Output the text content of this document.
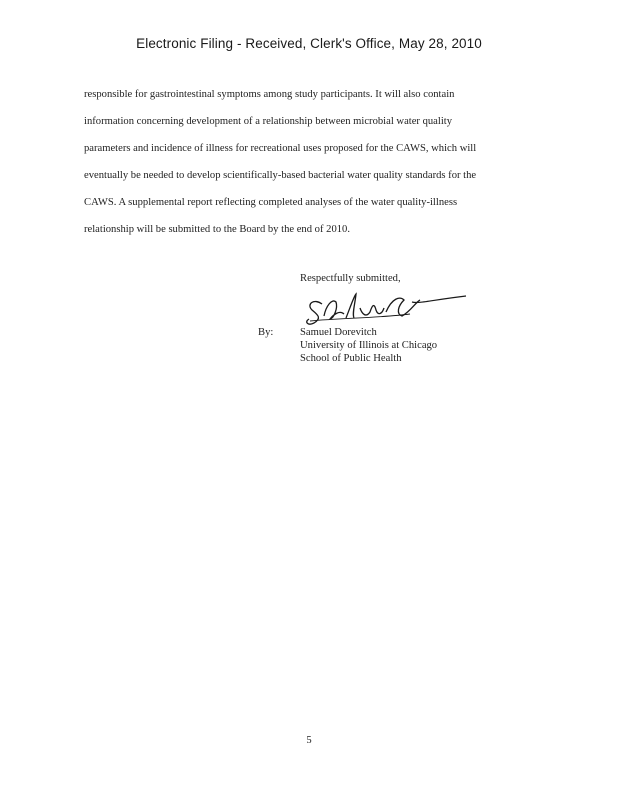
Electronic Filing - Received, Clerk's Office, May 28, 2010
responsible for gastrointestinal symptoms among study participants. It will also contain
information concerning development of a relationship between microbial water quality
parameters and incidence of illness for recreational uses proposed for the CAWS, which will
eventually be needed to develop scientifically-based bacterial water quality standards for the
CAWS. A supplemental report reflecting completed analyses of the water quality-illness
relationship will be submitted to the Board by the end of 2010.
Respectfully submitted,
By:	Samuel Dorevitch
University of Illinois at Chicago
School of Public Health
5
